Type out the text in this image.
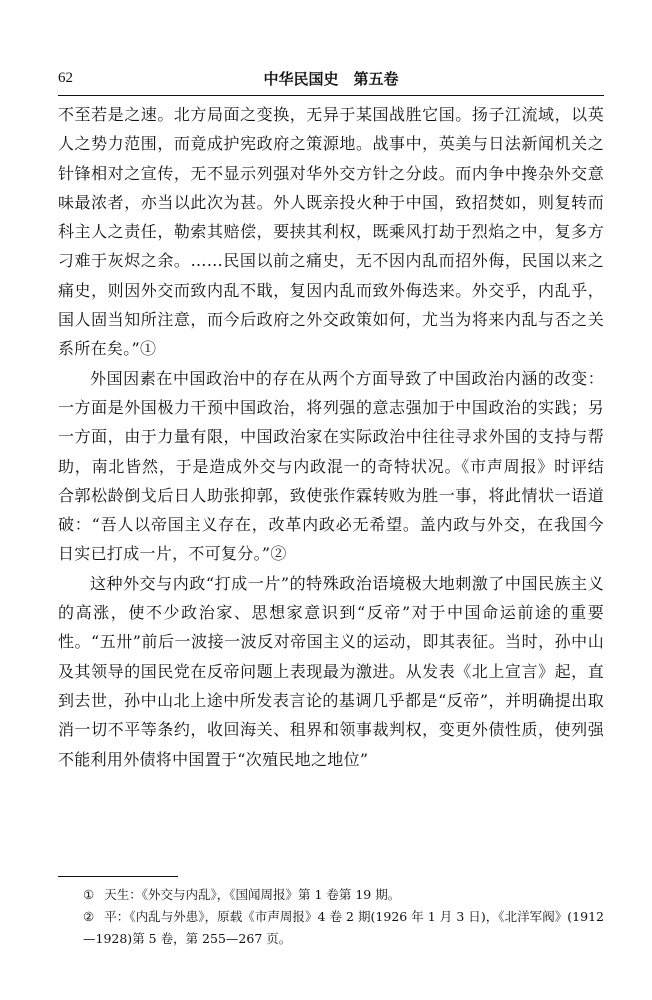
62	中华民国史　第五卷

不至若是之速。北方局面之变换，无异于某国战胜它国。扬子江流域，以英人之势力范围，而竟成护宪政府之策源地。战事中，英美与日法新闻机关之针锋相对之宣传，无不显示列强对华外交方针之分歧。而内争中搀杂外交意味最浓者，亦当以此次为甚。外人既亲投火种于中国，致招焚如，则复转而科主人之责任，勒索其赔偿，要挟其利权，既乘风打劫于烈焰之中，复多方刁难于灰烬之余。……民国以前之痛史，无不因内乱而招外侮，民国以来之痛史，则因外交而致内乱不戢，复因内乱而致外侮迭来。外交乎，内乱乎，国人固当知所注意，而今后政府之外交政策如何，尤当为将来内乱与否之关系所在矣。”①

外国因素在中国政治中的存在从两个方面导致了中国政治内涵的改变：一方面是外国极力干预中国政治，将列强的意志强加于中国政治的实践；另一方面，由于力量有限，中国政治家在实际政治中往往寻求外国的支持与帮助，南北皆然，于是造成外交与内政混一的奇特状况。《市声周报》时评结合郭松龄倒戈后日人助张抑郭，致使张作霖转败为胜一事，将此情状一语道破：“吾人以帝国主义存在，改革内政必无希望。盖内政与外交，在我国今日实已打成一片，不可复分。”②

这种外交与内政“打成一片”的特殊政治语境极大地刺激了中国民族主义的高涨，使不少政治家、思想家意识到“反帝”对于中国命运前途的重要性。“五卅”前后一波接一波反对帝国主义的运动，即其表征。当时，孙中山及其领导的国民党在反帝问题上表现最为激进。从发表《北上宣言》起，直到去世，孙中山北上途中所发表言论的基调几乎都是“反帝”，并明确提出取消一切不平等条约，收回海关、租界和领事裁判权，变更外债性质，使列强不能利用外债将中国置于“次殖民地之地位”

① 天生：《外交与内乱》，《国闻周报》第 1 卷第 19 期。

② 平：《内乱与外患》，原载《市声周报》4 卷 2 期(1926 年 1 月 3 日)，《北洋军阀》(1912—1928)第 5 卷，第 255—267 页。
